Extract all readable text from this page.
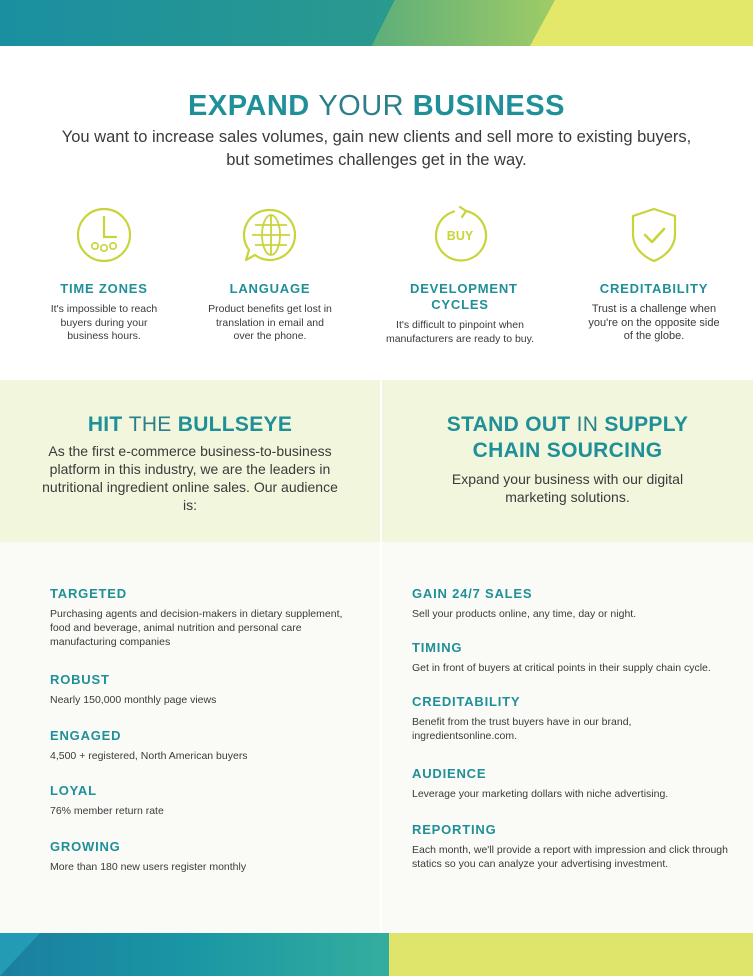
EXPAND YOUR BUSINESS

You want to increase sales volumes, gain new clients and sell more to existing buyers, but sometimes challenges get in the way.

TIME ZONES

It's impossible to reach buyers during your business hours.

LANGUAGE

Product benefits get lost in translation in email and over the phone.

BUY
DEVELOPMENT CYCLES

It's difficult to pinpoint when manufacturers are ready to buy.

CREDITABILITY

Trust is a challenge when you're on the opposite side of the globe.

HIT THE BULLSEYE

As the first e-commerce business-to-business platform in this industry, we are the leaders in nutritional ingredient online sales. Our audience is:

STAND OUT IN SUPPLY
CHAIN SOURCING

Expand your business with our digital marketing solutions.

TARGETED

Purchasing agents and decision-makers in dietary supplement, food and beverage, animal nutrition and personal care manufacturing companies

ROBUST

Nearly 150,000 monthly page views

ENGAGED

4,500 + registered, North American buyers

LOYAL

76% member return rate

GROWING

More than 180 new users register monthly

GAIN 24/7 SALES

Sell your products online, any time, day or night.

TIMING

Get in front of buyers at critical points in their supply chain cycle.

CREDITABILITY

Benefit from the trust buyers have in our brand, ingredientsonline.com.

AUDIENCE

Leverage your marketing dollars with niche advertising.

REPORTING

Each month, we'll provide a report with impression and click through statics so you can analyze your advertising investment.
